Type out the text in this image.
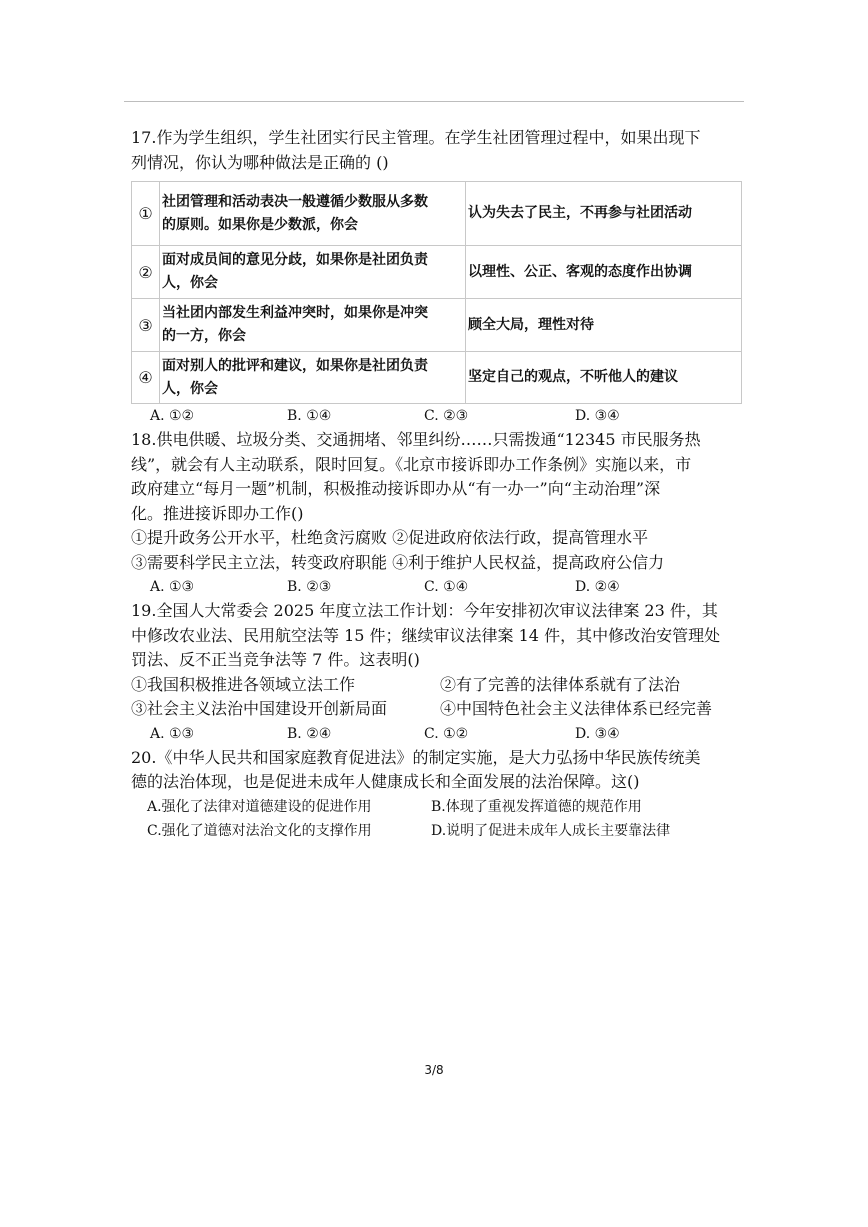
17.作为学生组织，学生社团实行民主管理。在学生社团管理过程中，如果出现下
列情况，你认为哪种做法是正确的 ()
①	社团管理和活动表决一般遵循少数服从多数
的原则。如果你是少数派，你会	认为失去了民主，不再参与社团活动
②	面对成员间的意见分歧，如果你是社团负责
人，你会	以理性、公正、客观的态度作出协调
③	当社团内部发生利益冲突时，如果你是冲突
的一方，你会	顾全大局，理性对待
④	面对别人的批评和建议，如果你是社团负责
人，你会	坚定自己的观点，不听他人的建议
A. ①②	B. ①④	C. ②③	D. ③④
18.供电供暖、垃圾分类、交通拥堵、邻里纠纷……只需拨通“12345 市民服务热
线”，就会有人主动联系，限时回复。《北京市接诉即办工作条例》实施以来，市
政府建立“每月一题”机制，积极推动接诉即办从“有一办一”向“主动治理”深
化。推进接诉即办工作()
①提升政务公开水平，杜绝贪污腐败 ②促进政府依法行政，提高管理水平
③需要科学民主立法，转变政府职能 ④利于维护人民权益，提高政府公信力
A. ①③	B. ②③	C. ①④	D. ②④
19.全国人大常委会 2025 年度立法工作计划：今年安排初次审议法律案 23 件，其
中修改农业法、民用航空法等 15 件；继续审议法律案 14 件，其中修改治安管理处
罚法、反不正当竞争法等 7 件。这表明()
①我国积极推进各领域立法工作	②有了完善的法律体系就有了法治
③社会主义法治中国建设开创新局面	④中国特色社会主义法律体系已经完善
A. ①③	B. ②④	C. ①②	D. ③④
20.《中华人民共和国家庭教育促进法》的制定实施，是大力弘扬中华民族传统美
德的法治体现，也是促进未成年人健康成长和全面发展的法治保障。这()
A.强化了法律对道德建设的促进作用	B.体现了重视发挥道德的规范作用
C.强化了道德对法治文化的支撑作用	D.说明了促进未成年人成长主要靠法律
3/8
